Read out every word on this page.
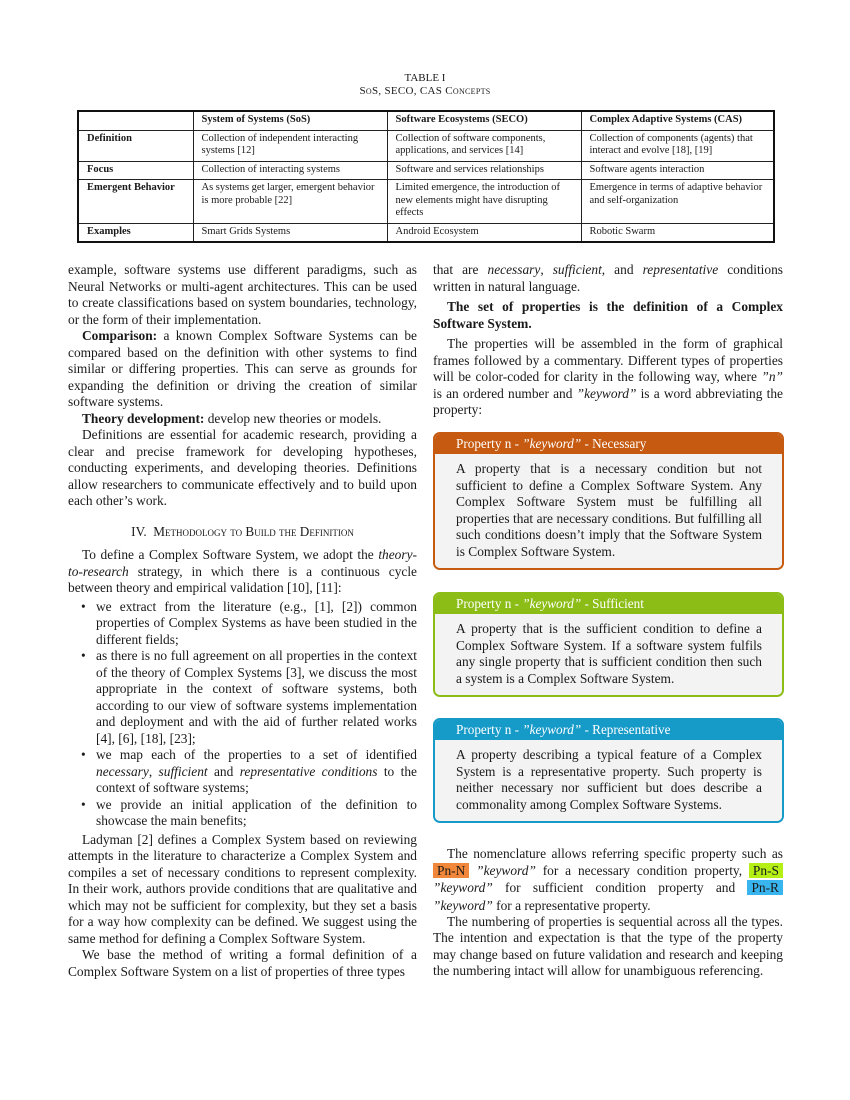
TABLE I
SoS, SECO, CAS Concepts
	System of Systems (SoS)	Software Ecosystems (SECO)	Complex Adaptive Systems (CAS)
Definition	Collection of independent interacting systems [12]	Collection of software components, applications, and services [14]	Collection of components (agents) that interact and evolve [18], [19]
Focus	Collection of interacting systems	Software and services relationships	Software agents interaction
Emergent Behavior	As systems get larger, emergent behavior is more probable [22]	Limited emergence, the introduction of new elements might have disrupting effects	Emergence in terms of adaptive behavior and self-organization
Examples	Smart Grids Systems	Android Ecosystem	Robotic Swarm

example, software systems use different paradigms, such as Neural Networks or multi-agent architectures. This can be used to create classifications based on system boundaries, technology, or the form of their implementation.

Comparison: a known Complex Software Systems can be compared based on the definition with other systems to find similar or differing properties. This can serve as grounds for expanding the definition or driving the creation of similar software systems.

Theory development: develop new theories or models.

Definitions are essential for academic research, providing a clear and precise framework for developing hypotheses, conducting experiments, and developing theories. Definitions allow researchers to communicate effectively and to build upon each other’s work.

IV. Methodology to Build the Definition

To define a Complex Software System, we adopt the theory-to-research strategy, in which there is a continuous cycle between theory and empirical validation [10], [11]:

• we extract from the literature (e.g., [1], [2]) common properties of Complex Systems as have been studied in the different fields;
• as there is no full agreement on all properties in the context of the theory of Complex Systems [3], we discuss the most appropriate in the context of software systems, both according to our view of software systems implementation and deployment and with the aid of further related works [4], [6], [18], [23];
• we map each of the properties to a set of identified necessary, sufficient and representative conditions to the context of software systems;
• we provide an initial application of the definition to showcase the main benefits;

Ladyman [2] defines a Complex System based on reviewing attempts in the literature to characterize a Complex System and compiles a set of necessary conditions to represent complexity. In their work, authors provide conditions that are qualitative and which may not be sufficient for complexity, but they set a basis for a way how complexity can be defined. We suggest using the same method for defining a Complex Software System.

We base the method of writing a formal definition of a Complex Software System on a list of properties of three types

that are necessary, sufficient, and representative conditions written in natural language.

The set of properties is the definition of a Complex Software System.

The properties will be assembled in the form of graphical frames followed by a commentary. Different types of properties will be color-coded for clarity in the following way, where ”n” is an ordered number and ”keyword” is a word abbreviating the property:

Property n - ”keyword” - Necessary
A property that is a necessary condition but not sufficient to define a Complex Software System. Any Complex Software System must be fulfilling all properties that are necessary conditions. But fulfilling all such conditions doesn’t imply that the Software System is Complex Software System.
Property n - ”keyword” - Sufficient
A property that is the sufficient condition to define a Complex Software System. If a software system fulfils any single property that is sufficient condition then such a system is a Complex Software System.
Property n - ”keyword” - Representative
A property describing a typical feature of a Complex System is a representative property. Such property is neither necessary nor sufficient but does describe a commonality among Complex Software Systems.

The nomenclature allows referring specific property such as Pn-N ”keyword” for a necessary condition property, Pn-S ”keyword” for sufficient condition property and Pn-R ”keyword” for a representative property.

The numbering of properties is sequential across all the types. The intention and expectation is that the type of the property may change based on future validation and research and keeping the numbering intact will allow for unambiguous referencing.
